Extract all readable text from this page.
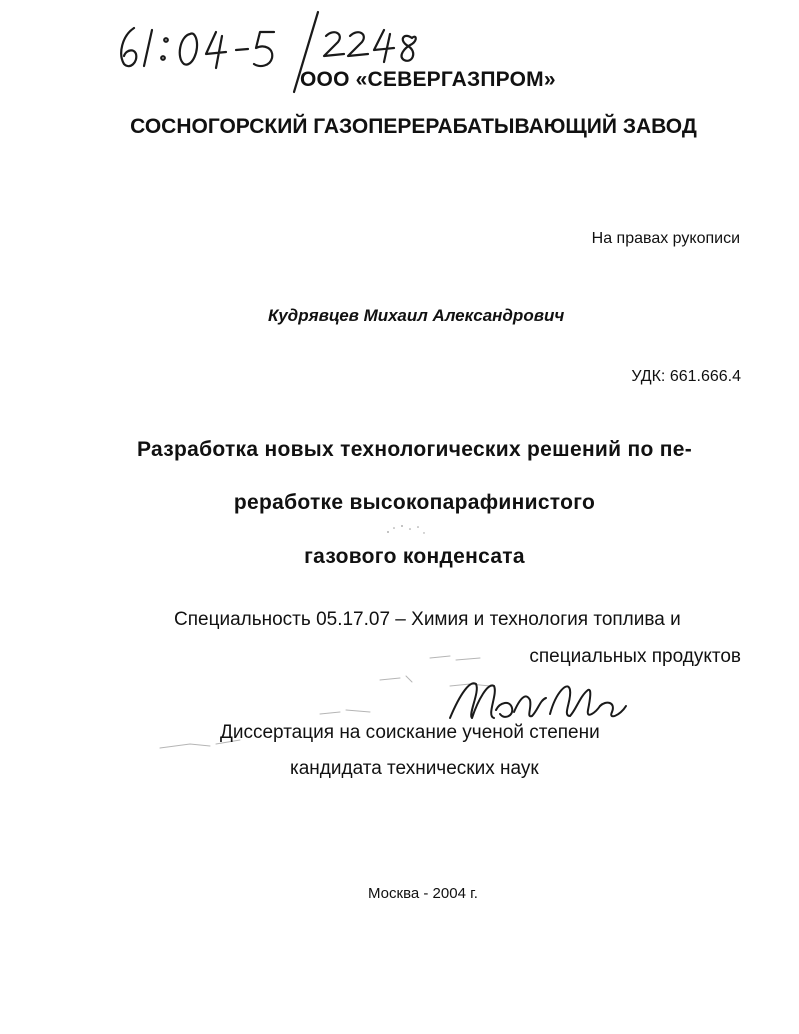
ООО «СЕВЕРГАЗПРОМ»
СОСНОГОРСКИЙ ГАЗОПЕРЕРАБАТЫВАЮЩИЙ ЗАВОД
На правах рукописи
Кудрявцев Михаил Александрович
УДК: 661.666.4
Разработка новых технологических решений по пе-
реработке высокопарафинистого
газового конденсата
Специальность 05.17.07 – Химия и технология топлива и
специальных продуктов
Диссертация на соискание ученой степени
кандидата технических наук
Москва - 2004 г.
